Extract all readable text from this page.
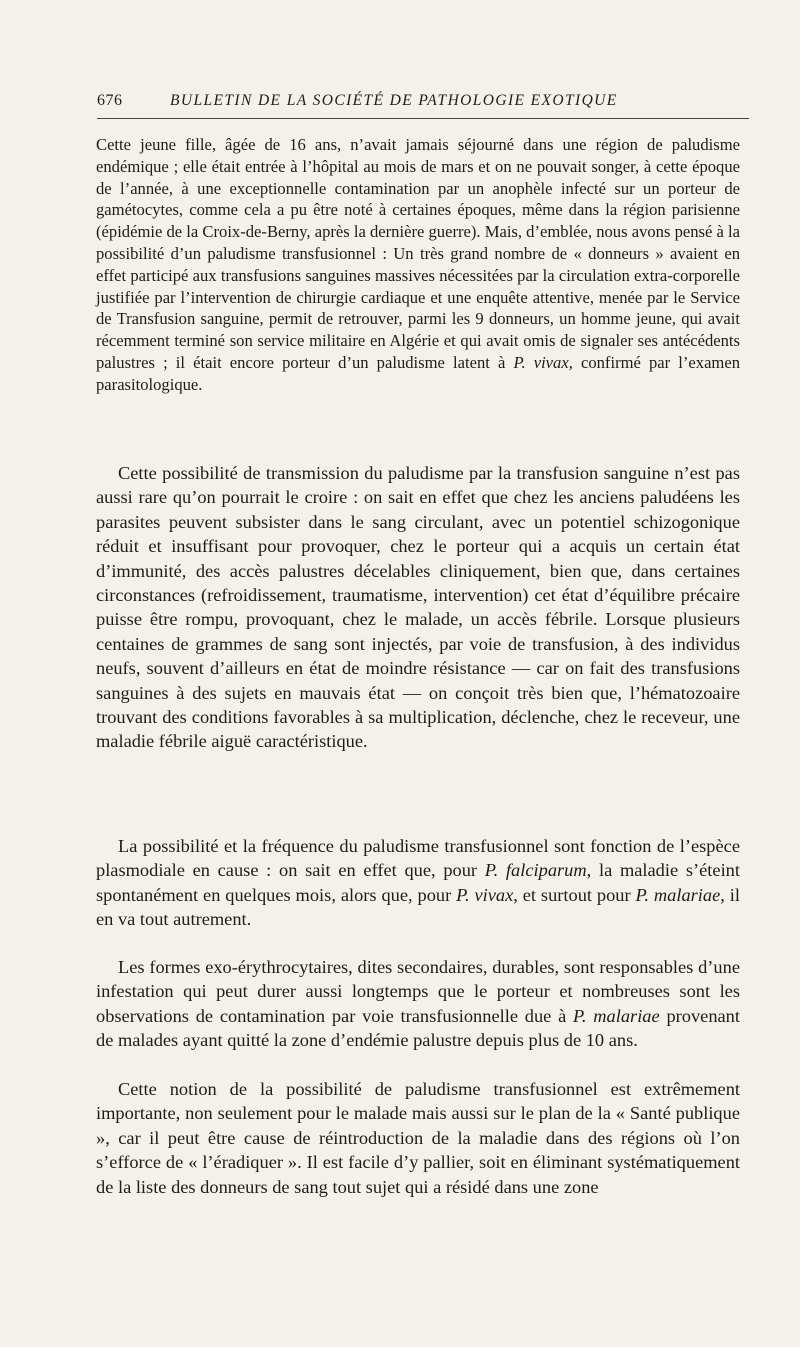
676	BULLETIN DE LA SOCIÉTÉ DE PATHOLOGIE EXOTIQUE

Cette jeune fille, âgée de 16 ans, n’avait jamais séjourné dans une région de paludisme endémique ; elle était entrée à l’hôpital au mois de mars et on ne pouvait songer, à cette époque de l’année, à une exceptionnelle contamination par un anophèle infecté sur un porteur de gamétocytes, comme cela a pu être noté à certaines époques, même dans la région parisienne (épidémie de la Croix-de-Berny, après la dernière guerre). Mais, d’emblée, nous avons pensé à la possibilité d’un paludisme transfusionnel : Un très grand nombre de « donneurs » avaient en effet participé aux transfusions sanguines massives nécessitées par la circulation extra-corporelle justifiée par l’intervention de chirurgie cardiaque et une enquête attentive, menée par le Service de Transfusion sanguine, permit de retrouver, parmi les 9 donneurs, un homme jeune, qui avait récemment terminé son service militaire en Algérie et qui avait omis de signaler ses antécédents palustres ; il était encore porteur d’un paludisme latent à P. vivax, confirmé par l’examen parasitologique.

Cette possibilité de transmission du paludisme par la transfusion sanguine n’est pas aussi rare qu’on pourrait le croire : on sait en effet que chez les anciens paludéens les parasites peuvent subsister dans le sang circulant, avec un potentiel schizogonique réduit et insuffisant pour provoquer, chez le porteur qui a acquis un certain état d’immunité, des accès palustres décelables cliniquement, bien que, dans certaines circonstances (refroidissement, traumatisme, intervention) cet état d’équilibre précaire puisse être rompu, provoquant, chez le malade, un accès fébrile. Lorsque plusieurs centaines de grammes de sang sont injectés, par voie de transfusion, à des individus neufs, souvent d’ailleurs en état de moindre résistance — car on fait des transfusions sanguines à des sujets en mauvais état — on conçoit très bien que, l’hématozoaire trouvant des conditions favorables à sa multiplication, déclenche, chez le receveur, une maladie fébrile aiguë caractéristique.

La possibilité et la fréquence du paludisme transfusionnel sont fonction de l’espèce plasmodiale en cause : on sait en effet que, pour P. falciparum, la maladie s’éteint spontanément en quelques mois, alors que, pour P. vivax, et surtout pour P. malariae, il en va tout autrement.

Les formes exo-érythrocytaires, dites secondaires, durables, sont responsables d’une infestation qui peut durer aussi longtemps que le porteur et nombreuses sont les observations de contamination par voie transfusionnelle due à P. malariae provenant de malades ayant quitté la zone d’endémie palustre depuis plus de 10 ans.

Cette notion de la possibilité de paludisme transfusionnel est extrêmement importante, non seulement pour le malade mais aussi sur le plan de la « Santé publique », car il peut être cause de réintroduction de la maladie dans des régions où l’on s’efforce de « l’éradiquer ». Il est facile d’y pallier, soit en éliminant systématiquement de la liste des donneurs de sang tout sujet qui a résidé dans une zone
